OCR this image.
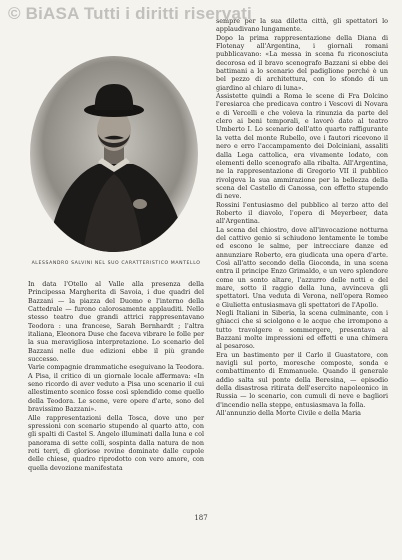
© BiASA Tutti i diritti riservati
ALESSANDRO SALVINI NEL SUO CARATTERISTICO MANTELLO

sempre per la sua diletta città, gli spettatori lo applaudivano lungamente.

Dopo la prima rappresentazione della Diana di Flotenay all'Argentina, i giornali romani pubblicavano: «La messa in scena fu riconosciuta decorosa ed il bravo scenografo Bazzani si ebbe dei battimani a lo scenario del padiglione perché è un bel pezzo di architettura, con lo sfondo di un giardino al chiaro di luna».

Assistette quindi a Roma le scene di Fra Dolcino l'eresiarca che predicava contro i Vescovi di Novara e di Vercelli e che voleva la rinunzia da parte del clero ai beni temporali, e lavorò dato al teatro Umberto I. Lo scenario dell'atto quarto raffigurante la vetta del monte Rubello, ove i fautori ricevono il nero e erro l'accampamento dei Dolciniani, assaliti dalla Lega cattolica, era vivamente lodato, con elementi dello scenografo alla ribalta. All'Argentina, ne la rappresentazione di Gregorio VII il pubblico rivolgeva la sua ammirazione per la bellezza della scena del Castello di Canossa, con effetto stupendo di neve.

Rossini l'entusiasmo del pubblico al terzo atto del Roberto il diavolo, l'opera di Meyerbeer, data all'Argentina.

La scena del chiostro, dove all'invocazione notturna del cattivo genio si schiudono lentamente le tombe ed escono le salme, per intrecciare danze ed annunziare Roberto, era giudicata una opera d'arte. Così all'atto secondo della Gioconda, in una scena entra il principe Enzo Grimaldo, e un vero splendore come un sonto altare, l'azzurro delle notti e del mare, sotto il raggio della luna, avvinceva gli spettatori. Una veduta di Verona, nell'opera Romeo e Giulietta entusiasmava gli spettatori de l'Apollo.

Negli Italiani in Siberia, la scena culminante, con i ghiacci che si sciolgono e le acque che irrompono a tutto travolgere e sommergere, presentava al Bazzani molte impressioni ed effetti e una chimera al pesaroso.

Era un bastimento per il Carlo il Guastatore, con navigli sul porto, moresche composte, sonda e combattimento di Emmanuele. Quando il generale addio salta sul ponte della Beresina, — episodio della disastrosa ritirata dell'esercito napoleonico in Russia — lo scenario, con cumuli di neve e bagliori d'incendio nella steppe, entusiasmava la folla.

All'annunzio della Morte Civile e della Maria

In data l'Otello al Valle alla presenza della Principessa Margherita di Savoia, i due quadri del Bazzani — la piazza del Duomo e l'interno della Cattedrale — furono calorosamente applauditi. Nello stesso teatro due grandi attrici rappresentavano Teodora : una francese, Sarah Bernhardt ; l'altra italiana, Eleonora Duse che faceva vibrare le folle per la sua meravigliosa interpretazione. Lo scenario del Bazzani nelle due edizioni ebbe il più grande successo.

Varie compagnie drammatiche eseguivano la Teodora. A Pisa, il critico di un giornale locale affermava: «In seno ricordo di aver veduto a Pisa uno scenario il cui allestimento scenico fosse così splendido come quello della Teodora. Le scene, vere opere d'arte, sono del bravissimo Bazzani».

Alle rappresentazioni della Tosca, dove uno per spressioni con scenario stupendo al quarto atto, con gli spalti di Castel S. Angelo illuminati dalla luna e col panorama di sette colli, sospinta dalla natura de non reti terri, di gloriose rovine dominate dalle cupole delle chiese, quadro riprodotto con vero amore, con quella devozione manifestata

187
